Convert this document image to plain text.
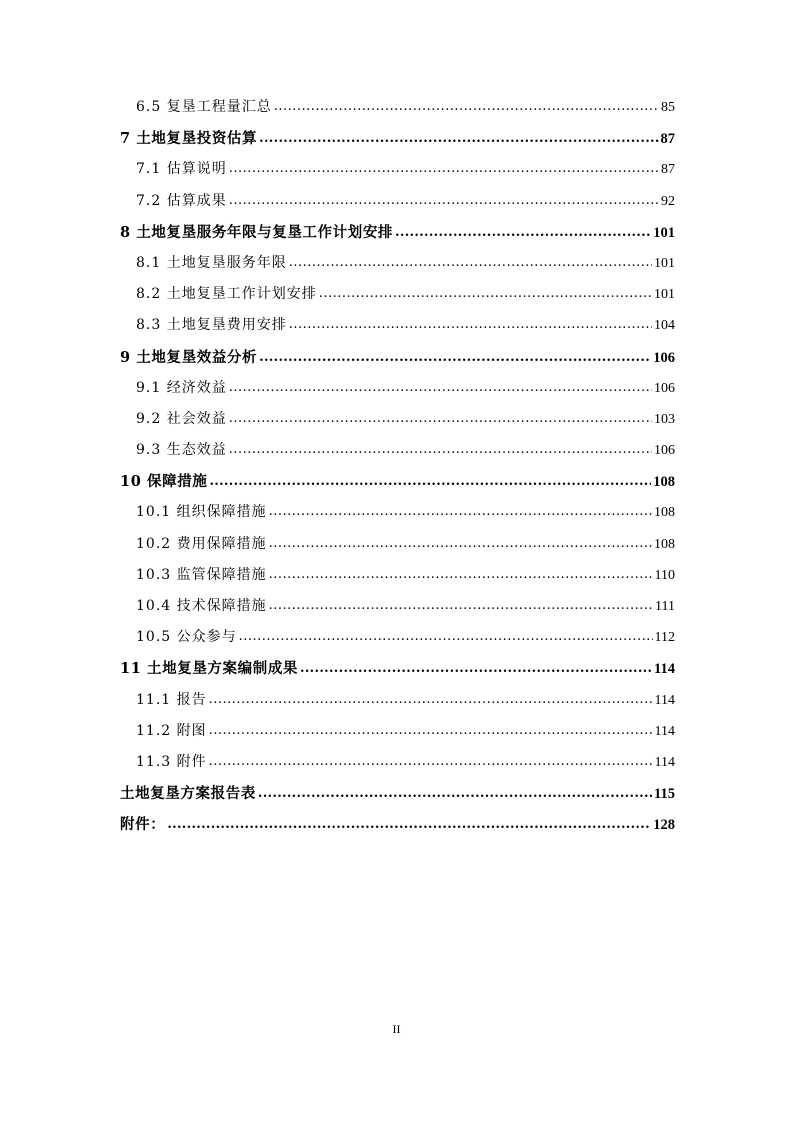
6.5 复垦工程量汇总 .....	85
7 土地复垦投资估算 .....	87
7.1 估算说明 .....	87
7.2 估算成果 .....	92
8 土地复垦服务年限与复垦工作计划安排 .....	101
8.1 土地复垦服务年限 .....	101
8.2 土地复垦工作计划安排 .....	101
8.3 土地复垦费用安排 .....	104
9 土地复垦效益分析 .....	106
9.1 经济效益 .....	106
9.2 社会效益 .....	103
9.3 生态效益 .....	106
10 保障措施 .....	108
10.1 组织保障措施 .....	108
10.2 费用保障措施 .....	108
10.3 监管保障措施 .....	110
10.4 技术保障措施 .....	111
10.5 公众参与 .....	112
11 土地复垦方案编制成果 .....	114
11.1 报告 .....	114
11.2 附图 .....	114
11.3 附件 .....	114
土地复垦方案报告表 .....	115
附件： .....	128
II
